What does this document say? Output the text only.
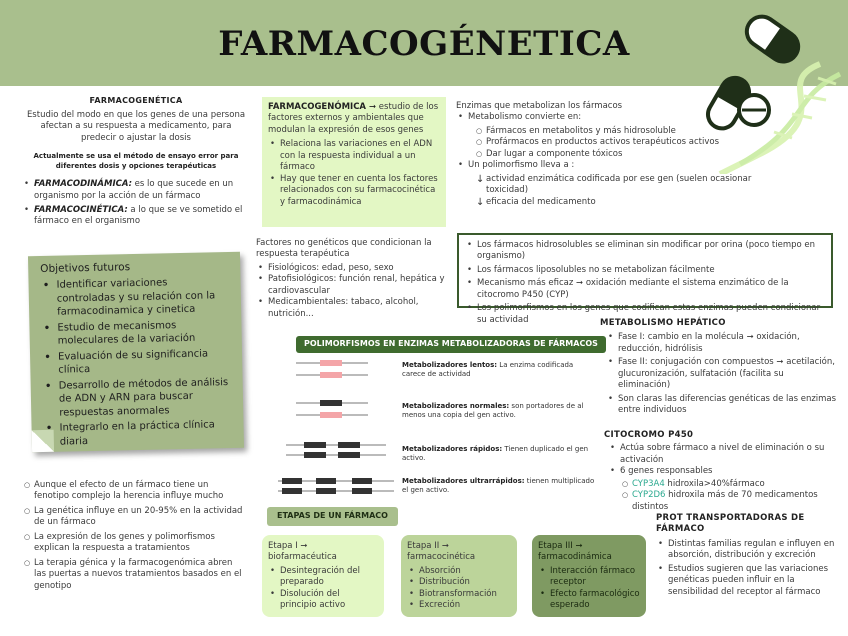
FARMACOGÉNETICA
FARMACOGENÉTICA
Estudio del modo en que los genes de una persona afectan a su respuesta a medicamento, para predecir o ajustar la dosis
Actualmente se usa el método de ensayo error para diferentes dosis y opciones terapéuticas
• FARMACODINÁMICA: es lo que sucede en un organismo por la acción de un fármaco
• FARMACOCINÉTICA: a lo que se ve sometido el fármaco en el organismo
Objetivos futuros
• Identificar variaciones controladas y su relación con la farmacodinamica y cinetica
• Estudio de mecanismos moleculares de la variación
• Evaluación de su significancia clínica
• Desarrollo de métodos de análisis de ADN y ARN para buscar respuestas anormales
• Integrarlo en la práctica clínica diaria
○ Aunque el efecto de un fármaco tiene un fenotipo complejo la herencia influye mucho
○ La genética influye en un 20-95% en la actividad de un fármaco
○ La expresión de los genes y polimorfismos explican la respuesta a tratamientos
○ La terapia génica y la farmacogenómica abren las puertas a nuevos tratamientos basados en el genotipo
FARMACOGENÓMICA ➞ estudio de los factores externos y ambientales que modulan la expresión de esos genes
• Relaciona las variaciones en el ADN con la respuesta individual a un fármaco
• Hay que tener en cuenta los factores relacionados con su farmacocinética y farmacodinámica
Factores no genéticos que condicionan la respuesta terapéutica
• Fisiológicos: edad, peso, sexo
• Patofisiológicos: función renal, hepática y cardiovascular
• Medicambientales: tabaco, alcohol, nutrición...
Enzimas que metabolizan los fármacos
• Metabolismo convierte en:
○ Fármacos en metabolitos y más hidrosoluble
○ Profármacos en productos activos terapéuticos activos
○ Dar lugar a componente tóxicos
• Un polimorfismo lleva a :
↓ actividad enzimática codificada por ese gen (suelen ocasionar toxicidad)
↓ eficacia del medicamento
• Los fármacos hidrosolubles se eliminan sin modificar por orina (poco tiempo en organismo)
• Los fármacos liposolubles no se metabolizan fácilmente
• Mecanismo más eficaz ➞ oxidación mediante el sistema enzimático de la citocromo P450 (CYP)
• Los polimorfismos en los genes que codifican estas enzimas pueden condicionar su actividad
POLIMORFISMOS EN ENZIMAS METABOLIZADORAS DE FÁRMACOS
Metabolizadores lentos: La enzima codificada carece de actividad
Metabolizadores normales: son portadores de al menos una copia del gen activo.
Metabolizadores rápidos: Tienen duplicado el gen activo.
Metabolizadores ultrarrápidos: tienen multiplicado el gen activo.
ETAPAS DE UN FÁRMACO
Etapa I ➞ biofarmacéutica
• Desintegración del preparado
• Disolución del principio activo
Etapa II ➞ farmacocinética
• Absorción
• Distribución
• Biotransformación
• Excreción
Etapa III ➞ farmacodinámica
• Interacción fármaco receptor
• Efecto farmacológico esperado
METABOLISMO HEPÁTICO
• Fase I: cambio en la molécula ➞ oxidación, reducción, hidrólisis
• Fase II: conjugación con compuestos ➞ acetilación, glucuronización, sulfatación (facilita su eliminación)
• Son claras las diferencias genéticas de las enzimas entre individuos
CITOCROMO P450
• Actúa sobre fármaco a nivel de eliminación o su activación
• 6 genes responsables
○ CYP3A4 hidroxila>40%fármaco
○ CYP2D6 hidroxila más de 70 medicamentos distintos
PROT TRANSPORTADORAS DE FÁRMACO
• Distintas familias regulan e influyen en absorción, distribución y excreción
• Estudios sugieren que las variaciones genéticas pueden influir en la sensibilidad del receptor al fármaco
